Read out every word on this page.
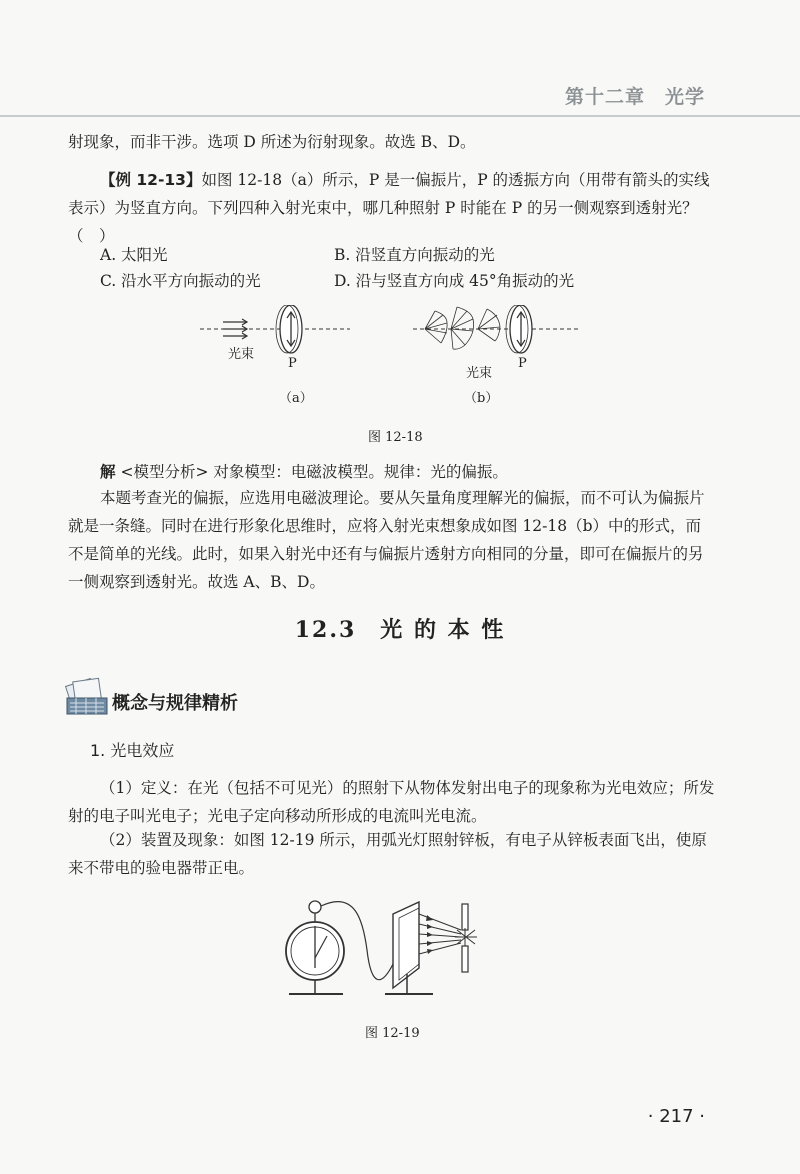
第十二章　光学

射现象，而非干涉。选项 D 所述为衍射现象。故选 B、D。

【例 12-13】如图 12-18（a）所示，P 是一偏振片，P 的透振方向（用带有箭头的实线表示）为竖直方向。下列四种入射光束中，哪几种照射 P 时能在 P 的另一侧观察到透射光？（　）

A. 太阳光	B. 沿竖直方向振动的光
C. 沿水平方向振动的光	D. 沿与竖直方向成 45°角振动的光
光束
P
光束
P
（a）	（b）
图 12-18

解 <模型分析> 对象模型：电磁波模型。规律：光的偏振。

本题考查光的偏振，应选用电磁波理论。要从矢量角度理解光的偏振，而不可认为偏振片就是一条缝。同时在进行形象化思维时，应将入射光束想象成如图 12-18（b）中的形式，而不是简单的光线。此时，如果入射光中还有与偏振片透射方向相同的分量，即可在偏振片的另一侧观察到透射光。故选 A、B、D。

12.3　光 的 本 性
概念与规律精析
1. 光电效应

（1）定义：在光（包括不可见光）的照射下从物体发射出电子的现象称为光电效应；所发射的电子叫光电子；光电子定向移动所形成的电流叫光电流。

（2）装置及现象：如图 12-19 所示，用弧光灯照射锌板，有电子从锌板表面飞出，使原来不带电的验电器带正电。

图 12-19
· 217 ·
